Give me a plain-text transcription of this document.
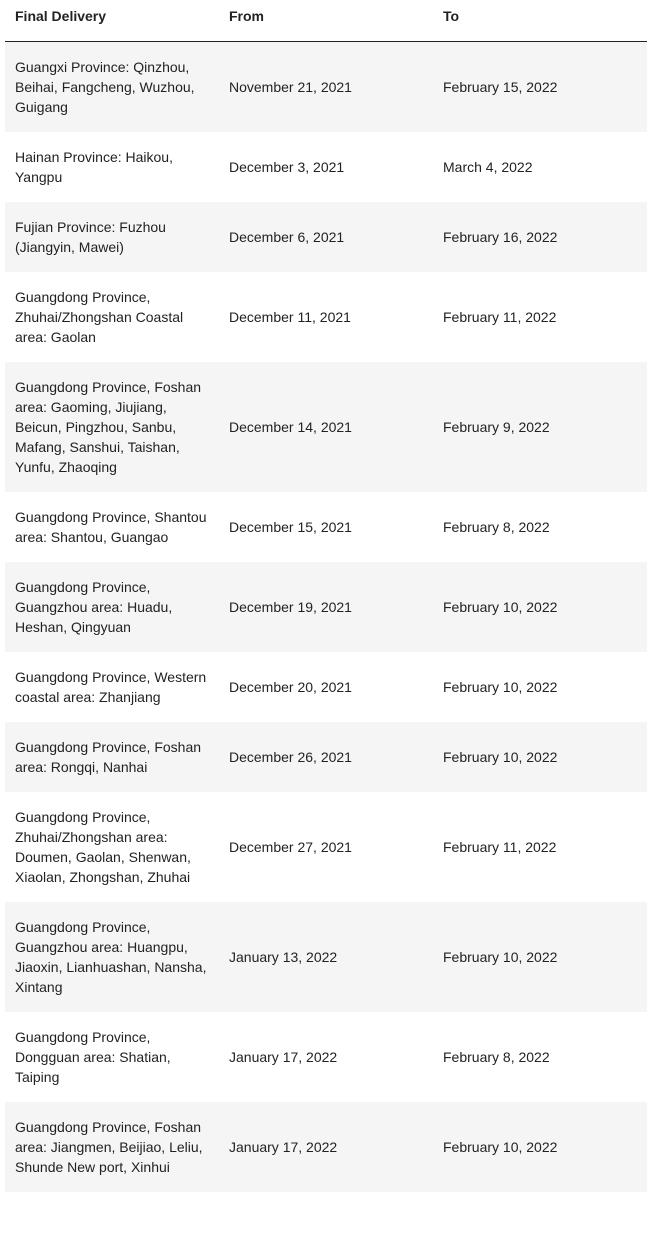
Final Delivery	From	To
Guangxi Province: Qinzhou, Beihai, Fangcheng, Wuzhou, Guigang	November 21, 2021	February 15, 2022
Hainan Province: Haikou, Yangpu	December 3, 2021	March 4, 2022
Fujian Province: Fuzhou (Jiangyin, Mawei)	December 6, 2021	February 16, 2022
Guangdong Province, Zhuhai/Zhongshan Coastal area: Gaolan	December 11, 2021	February 11, 2022
Guangdong Province, Foshan area: Gaoming, Jiujiang, Beicun, Pingzhou, Sanbu, Mafang, Sanshui, Taishan, Yunfu, Zhaoqing	December 14, 2021	February 9, 2022
Guangdong Province, Shantou area: Shantou, Guangao	December 15, 2021	February 8, 2022
Guangdong Province, Guangzhou area: Huadu, Heshan, Qingyuan	December 19, 2021	February 10, 2022
Guangdong Province, Western coastal area: Zhanjiang	December 20, 2021	February 10, 2022
Guangdong Province, Foshan area: Rongqi, Nanhai	December 26, 2021	February 10, 2022
Guangdong Province, Zhuhai/Zhongshan area: Doumen, Gaolan, Shenwan, Xiaolan, Zhongshan, Zhuhai	December 27, 2021	February 11, 2022
Guangdong Province, Guangzhou area: Huangpu, Jiaoxin, Lianhuashan, Nansha, Xintang	January 13, 2022	February 10, 2022
Guangdong Province, Dongguan area: Shatian, Taiping	January 17, 2022	February 8, 2022
Guangdong Province, Foshan area: Jiangmen, Beijiao, Leliu, Shunde New port, Xinhui	January 17, 2022	February 10, 2022
